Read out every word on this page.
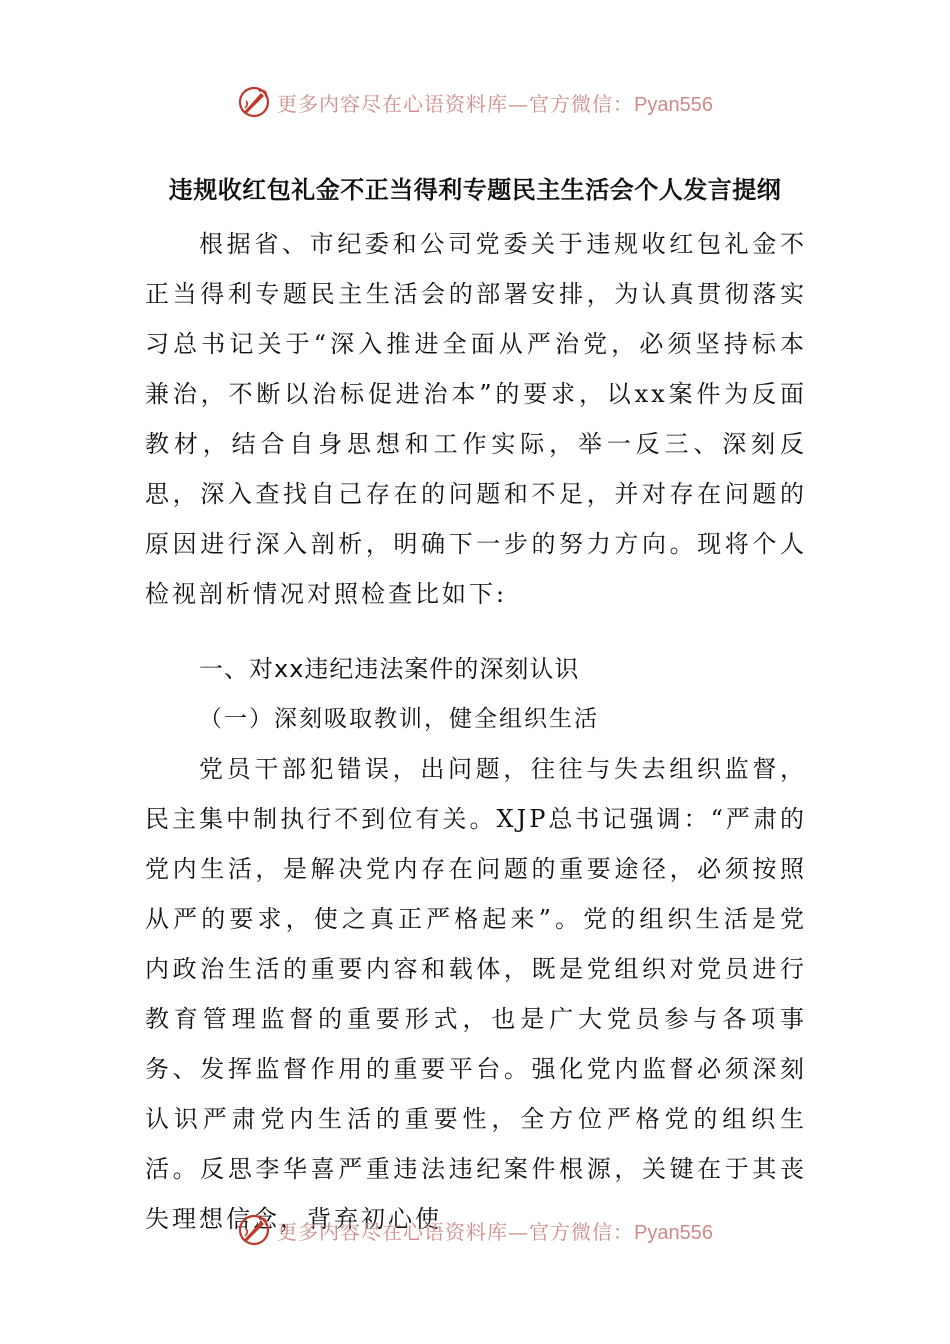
更多内容尽在心语资料库—官方微信：Pyan556
违规收红包礼金不正当得利专题民主生活会个人发言提纲

根据省、市纪委和公司党委关于违规收红包礼金不正当得利专题民主生活会的部署安排，为认真贯彻落实习总书记关于“深入推进全面从严治党，必须坚持标本兼治，不断以治标促进治本”的要求，以xx案件为反面教材，结合自身思想和工作实际，举一反三、深刻反思，深入查找自己存在的问题和不足，并对存在问题的原因进行深入剖析，明确下一步的努力方向。现将个人检视剖析情况对照检查比如下:

一、对xx违纪违法案件的深刻认识

（一）深刻吸取教训，健全组织生活

党员干部犯错误，出问题，往往与失去组织监督，民主集中制执行不到位有关。XJP总书记强调：“严肃的党内生活，是解决党内存在问题的重要途径，必须按照从严的要求，使之真正严格起来”。党的组织生活是党内政治生活的重要内容和载体，既是党组织对党员进行教育管理监督的重要形式，也是广大党员参与各项事务、发挥监督作用的重要平台。强化党内监督必须深刻认识严肃党内生活的重要性，全方位严格党的组织生活。反思李华喜严重违法违纪案件根源，关键在于其丧失理想信念，背弃初心使

更多内容尽在心语资料库—官方微信：Pyan556
